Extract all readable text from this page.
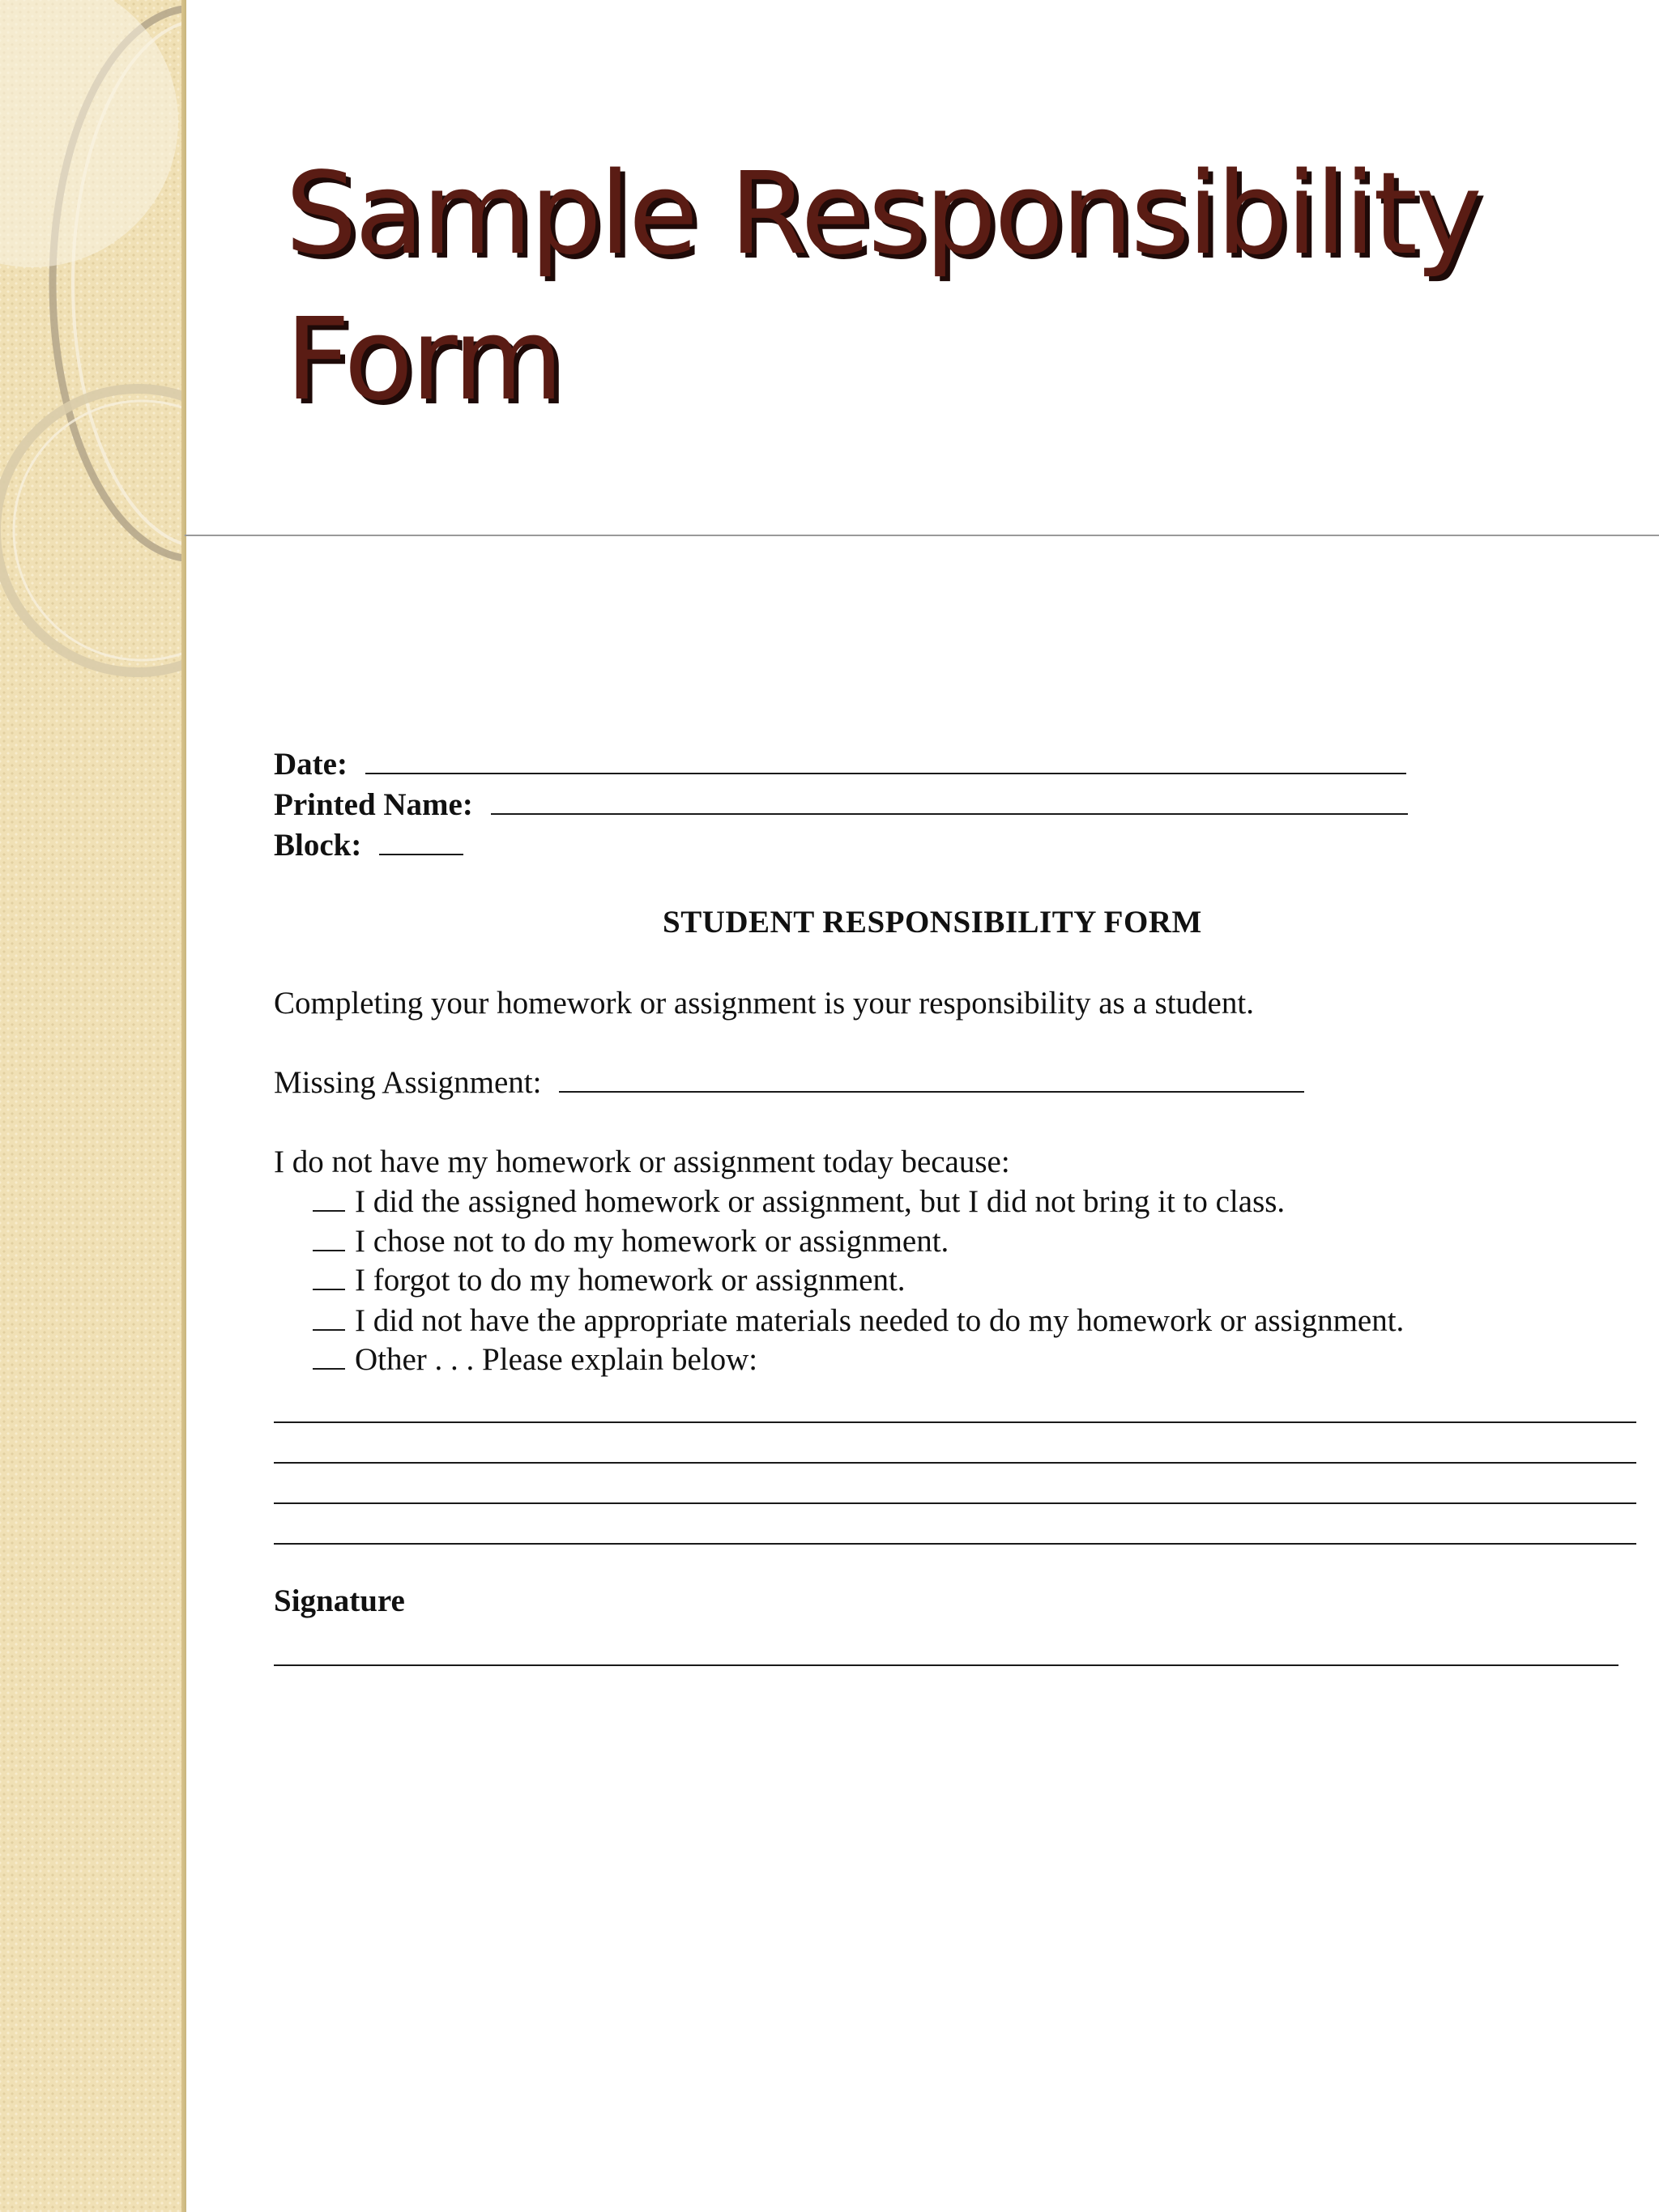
Sample Responsibility
Form
Date:
Printed Name:
Block:
STUDENT RESPONSIBILITY FORM
Completing your homework or assignment is your responsibility as a student.
Missing Assignment:
I do not have my homework or assignment today because:
I did the assigned homework or assignment, but I did not bring it to class.
I chose not to do my homework or assignment.
I forgot to do my homework or assignment.
I did not have the appropriate materials needed to do my homework or assignment.
Other . . . Please explain below:
Signature
